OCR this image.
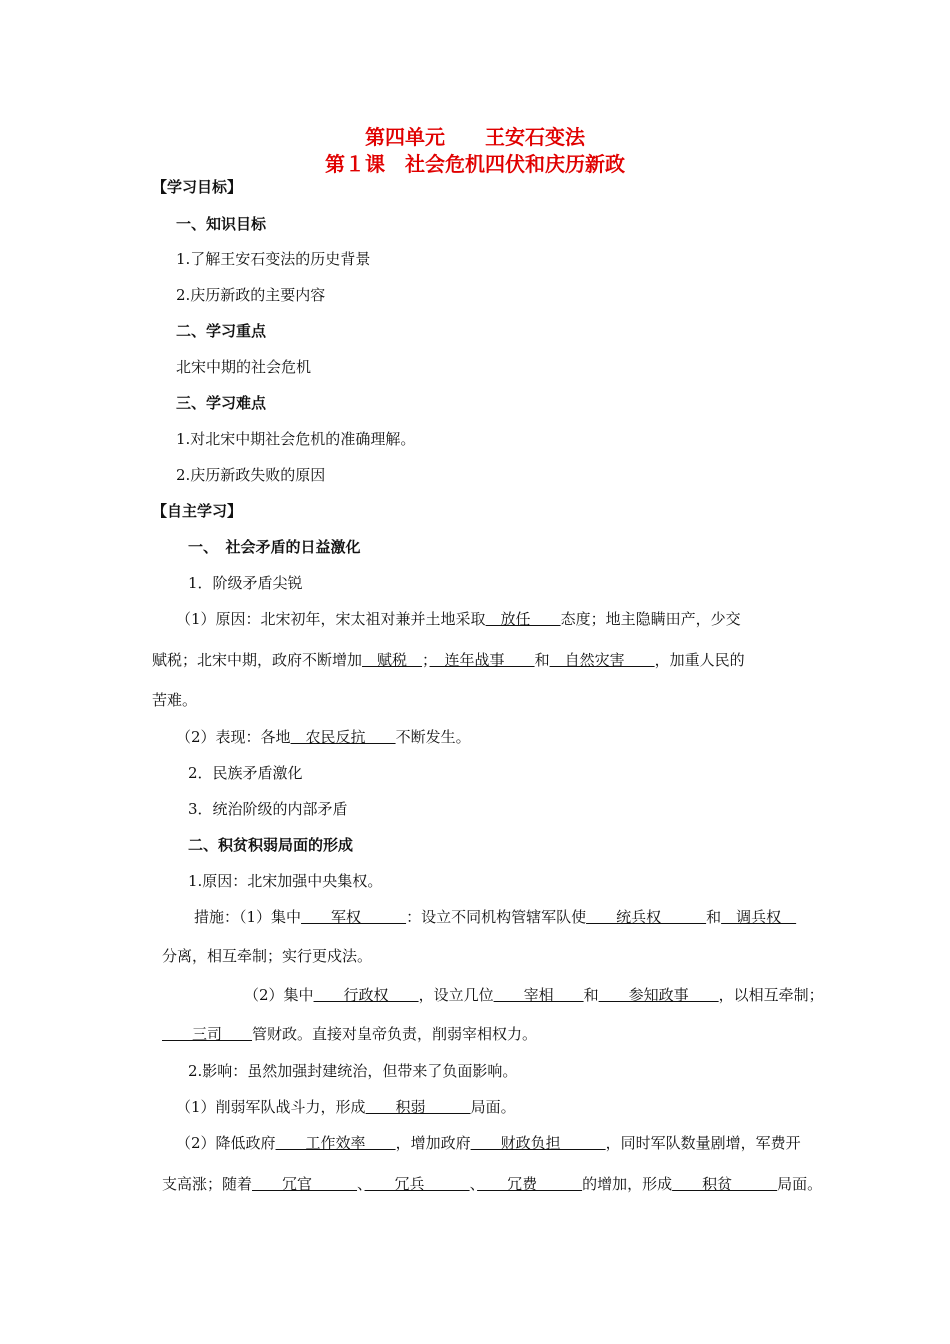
第四单元　　王安石变法
第１课　社会危机四伏和庆历新政
【学习目标】
一、知识目标
1.了解王安石变法的历史背景
2.庆历新政的主要内容
二、学习重点
北宋中期的社会危机
三、学习难点
1.对北宋中期社会危机的准确理解。
2.庆历新政失败的原因
【自主学习】
一、　社会矛盾的日益激化
1．阶级矛盾尖锐
（1）原因：北宋初年，宋太祖对兼并土地采取　放任　　态度；地主隐瞒田产，少交
赋税；北宋中期，政府不断增加　赋税　；　连年战事　　和　自然灾害　　，加重人民的
苦难。
（2）表现：各地　农民反抗　　不断发生。
2．民族矛盾激化
3．统治阶级的内部矛盾
二、积贫积弱局面的形成
1.原因：北宋加强中央集权。
措施：（1）集中　　军权　　　：设立不同机构管辖军队使　　统兵权　　　和　调兵权　
分离，相互牵制；实行更戍法。
（2）集中　　行政权　　，设立几位　　宰相　　和　　参知政事　　，以相互牵制；
　　三司　　管财政。直接对皇帝负责，削弱宰相权力。
2.影响：虽然加强封建统治，但带来了负面影响。
（1）削弱军队战斗力，形成　　积弱　　　局面。
（2）降低政府　　工作效率　　，增加政府　　财政负担　　　，同时军队数量剧增，军费开
支高涨；随着　　冗官　　　、　　冗兵　　　、　　冗费　　　的增加，形成　　积贫　　　局面。
